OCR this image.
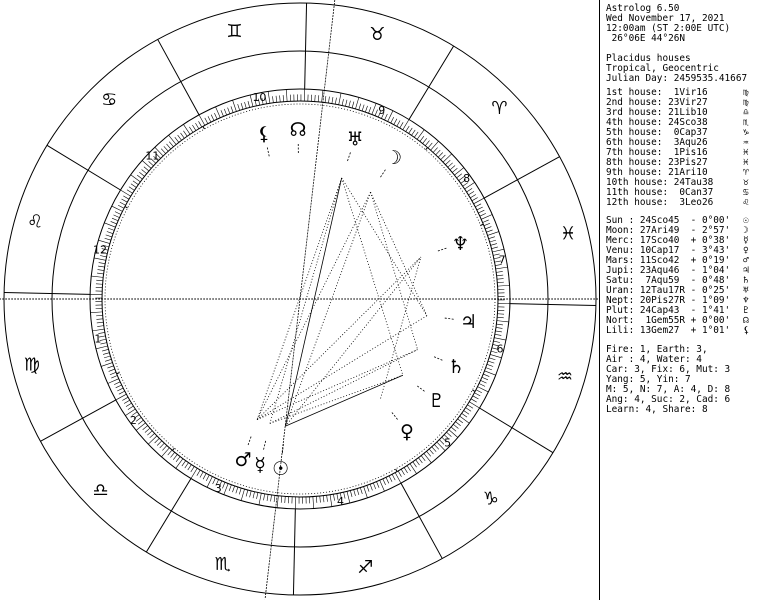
♈
♉
♊
♋
♌
♍
♎
♏	♐
♑
♒
♓
1
2
3
4
5
6
7
8
9
10
11
12
☉
☽
☿
♀
♂
♃
♄
♅
♆
♇
☊
⚸
Astrolog 6.50
Wed November 17, 2021
12:00am (ST 2:00E UTC)
26°06E 44°26N
Placidus houses
Tropical, Geocentric
Julian Day: 2459535.41667
1st house:  1Vir16	♍
2nd house: 23Vir27	♍
3rd house: 21Lib10	♎
4th house: 24Sco38	♏
5th house:  0Cap37	♑
6th house:  3Aqu26	♒
7th house:  1Pis16	♓
8th house: 23Pis27	♓
9th house: 21Ari10	♈
10th house: 24Tau38	♉
11th house:  0Can37	♋
12th house:  3Leo26	♌
Sun : 24Sco45  - 0°00' ☉
Moon: 27Ari49  - 2°57' ☽
Merc: 17Sco40  + 0°38' ☿
Venu: 10Cap17  - 3°43' ♀
Mars: 11Sco42  + 0°19' ♂
Jupi: 23Aqu46  - 1°04' ♃
Satu:  7Aqu59  - 0°48' ♄
Uran: 12Tau17R - 0°25' ♅
Nept: 20Pis27R - 1°09' ♆
Plut: 24Cap43  - 1°41' ♇
Nort:  1Gem55R + 0°00' ☊
Lili: 13Gem27  + 1°01' ⚸
Fire: 1, Earth: 3,
Air : 4, Water: 4
Car: 3, Fix: 6, Mut: 3
Yang: 5, Yin: 7
M: 5, N: 7, A: 4, D: 8
Ang: 4, Suc: 2, Cad: 6
Learn: 4, Share: 8
